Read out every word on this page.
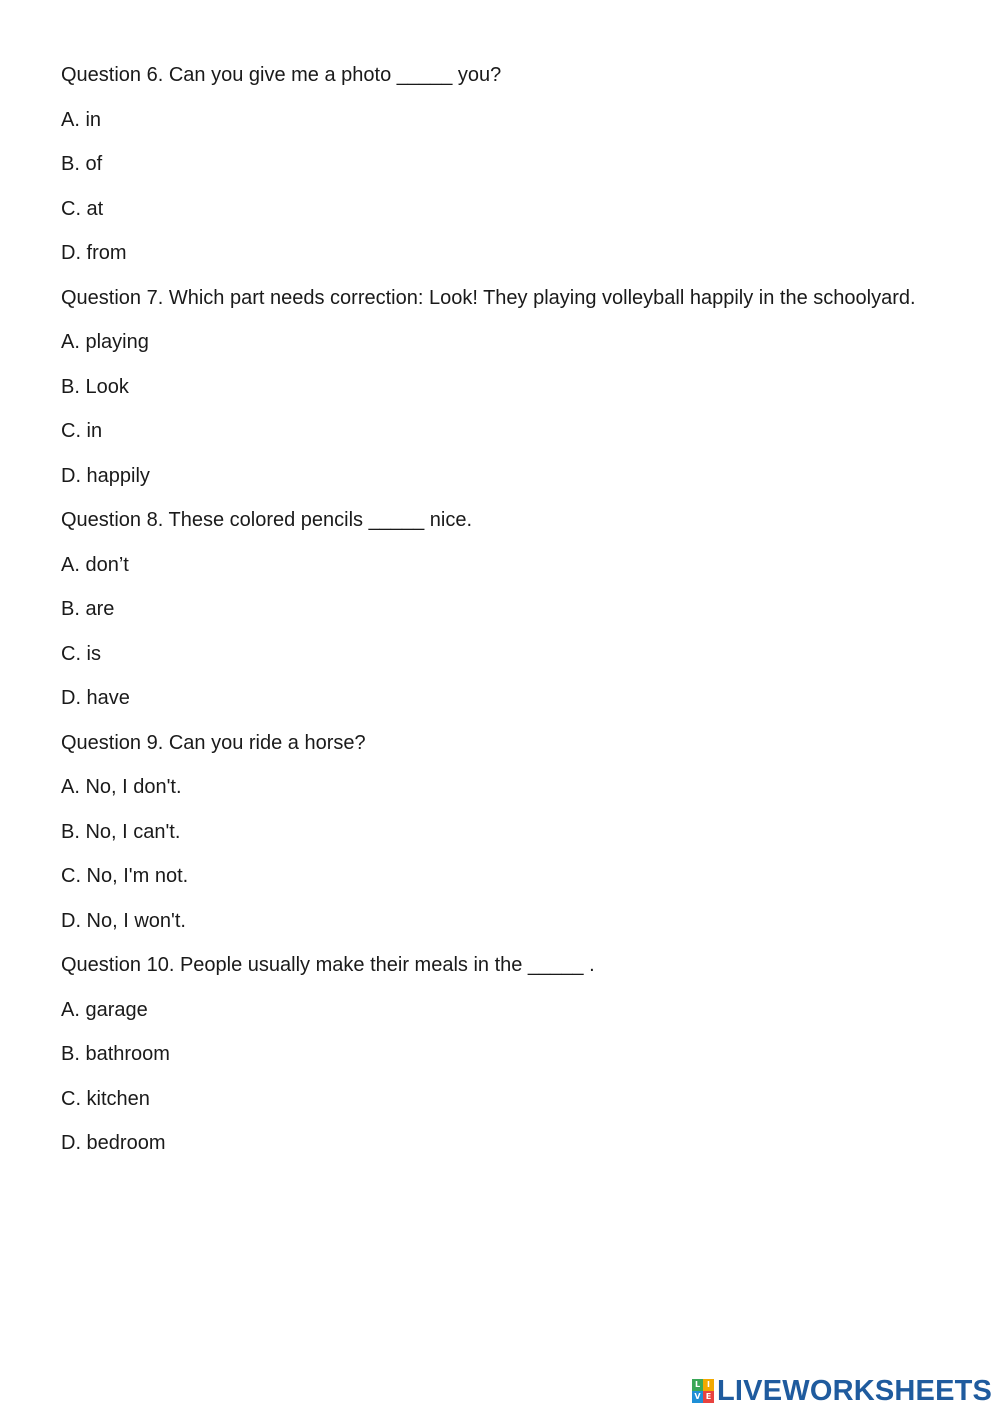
Question 6. Can you give me a photo _____ you?

A. in

B. of

C. at

D. from

Question 7. Which part needs correction: Look! They playing volleyball happily in the schoolyard.

A. playing

B. Look

C. in

D. happily

Question 8. These colored pencils _____ nice.

A. don’t

B. are

C. is

D. have

Question 9. Can you ride a horse?

A. No, I don't.

B. No, I can't.

C. No, I'm not.

D. No, I won't.

Question 10. People usually make their meals in the _____ .

A. garage

B. bathroom

C. kitchen

D. bedroom

L I
V E LIVEWORKSHEETS
